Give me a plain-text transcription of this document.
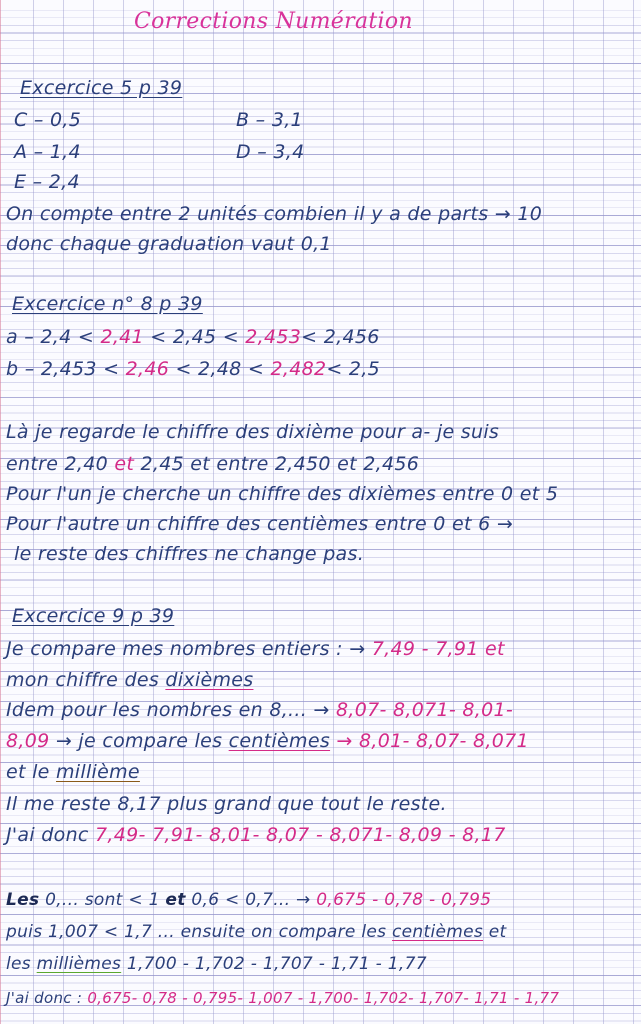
Corrections Numération
Excercice 5 p 39
C – 0,5	B – 3,1
A – 1,4	D – 3,4
E – 2,4
On compte entre 2 unités combien il y a de parts → 10
donc chaque graduation vaut 0,1
Excercice n° 8 p 39
a – 2,4 < 2,41 < 2,45 < 2,453< 2,456
b – 2,453 < 2,46 < 2,48 < 2,482< 2,5
Là je regarde le chiffre des dixième pour a- je suis
entre 2,40 et 2,45 et entre 2,450 et 2,456
Pour l'un je cherche un chiffre des dixièmes entre 0 et 5
Pour l'autre un chiffre des centièmes entre 0 et 6 →
le reste des chiffres ne change pas.
Excercice 9 p 39
Je compare mes nombres entiers : → 7,49 - 7,91 et
mon chiffre des dixièmes
Idem pour les nombres en 8,... → 8,07- 8,071- 8,01-
8,09 → je compare les centièmes → 8,01- 8,07- 8,071
et le millième
Il me reste 8,17 plus grand que tout le reste.
J'ai donc 7,49- 7,91- 8,01- 8,07 - 8,071- 8,09 - 8,17
Les 0,... sont < 1 et 0,6 < 0,7... → 0,675 - 0,78 - 0,795
puis 1,007 < 1,7 ... ensuite on compare les centièmes et
les millièmes 1,700 - 1,702 - 1,707 - 1,71 - 1,77
J'ai donc : 0,675- 0,78 - 0,795- 1,007 - 1,700- 1,702- 1,707- 1,71 - 1,77
